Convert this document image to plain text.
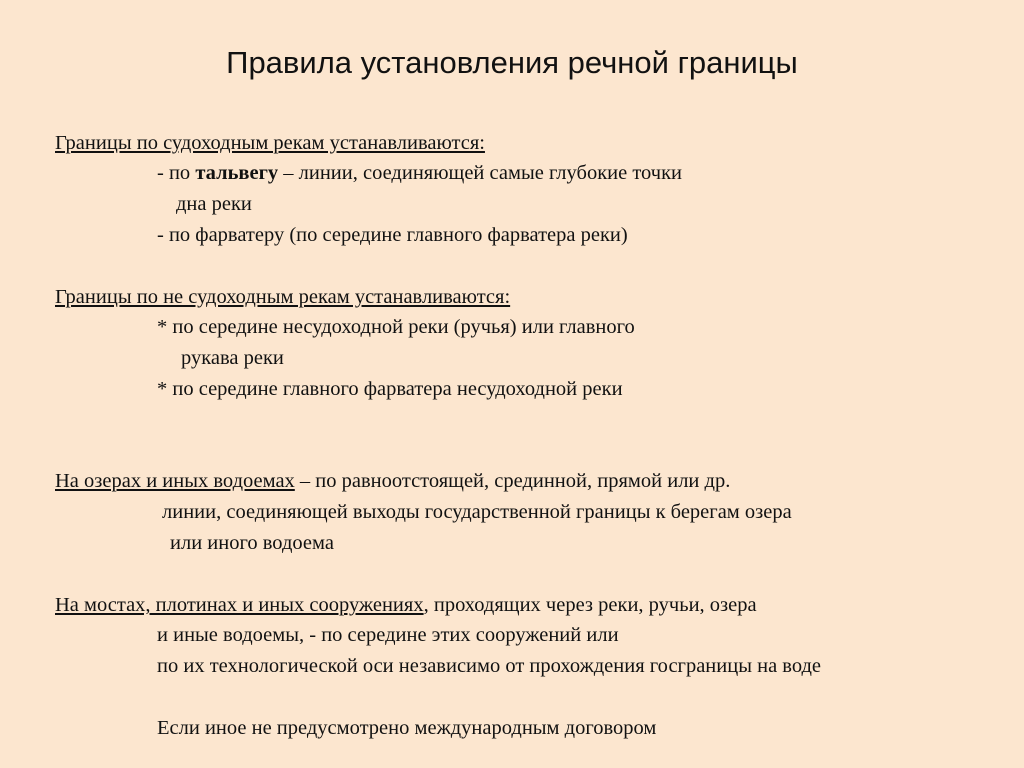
Правила установления речной границы
Границы по судоходным рекам устанавливаются:
- по тальвегу – линии, соединяющей самые глубокие точки
дна реки
- по фарватеру (по середине главного фарватера реки)
Границы по не судоходным рекам устанавливаются:
* по середине несудоходной реки (ручья) или главного
рукава реки
* по середине главного фарватера несудоходной реки
На озерах и иных водоемах – по равноотстоящей, срединной, прямой или др.
линии, соединяющей выходы государственной границы к берегам озера
или иного водоема
На мостах, плотинах и иных сооружениях, проходящих через реки, ручьи, озера
и иные водоемы, - по середине этих сооружений или
по их технологической оси независимо от прохождения госграницы на воде
Если иное не предусмотрено международным договором
